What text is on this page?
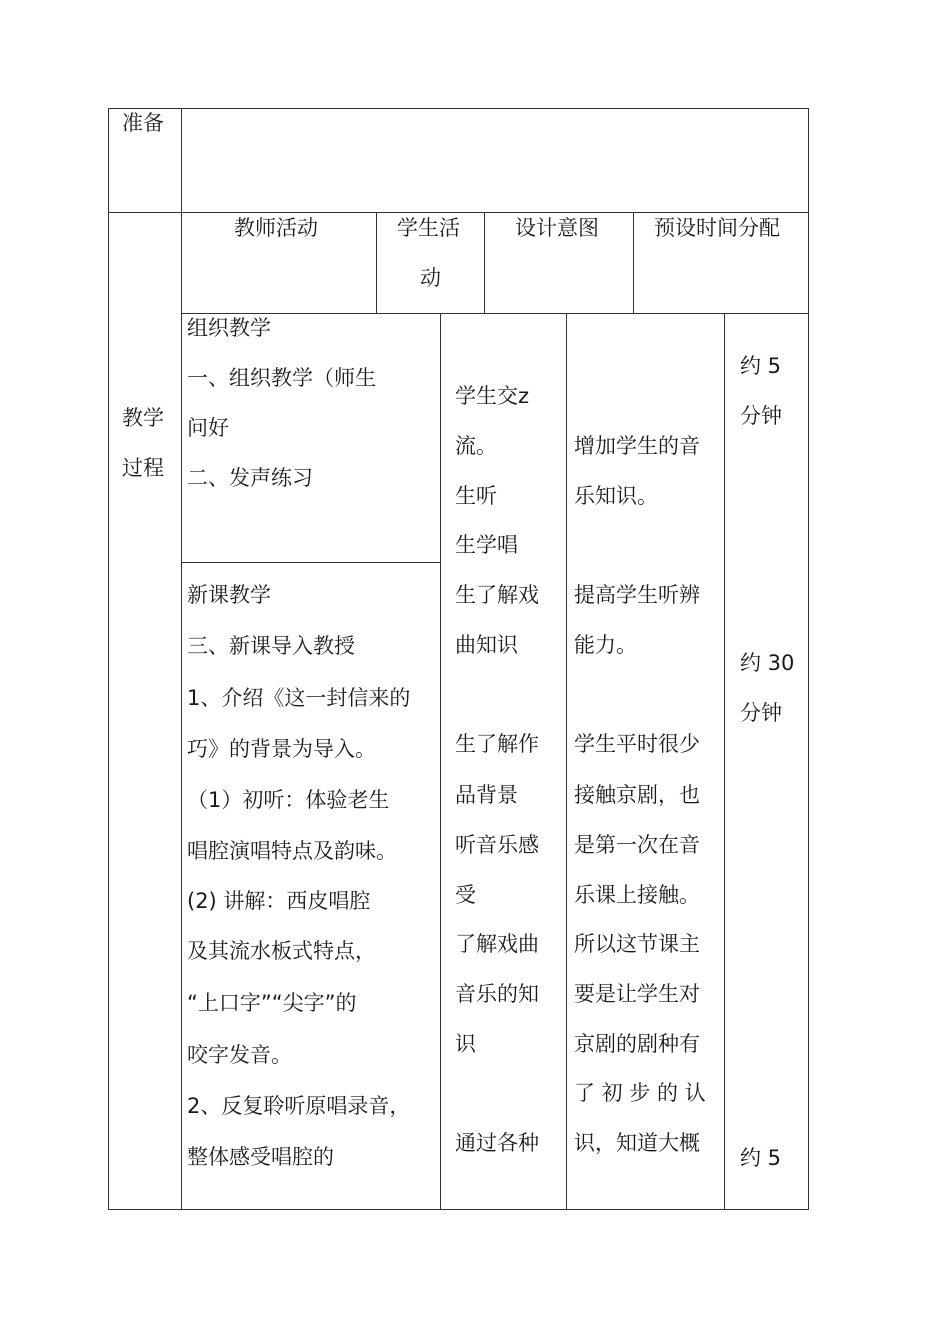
准备
教学
过程
教师活动	学生活
动
设计意图	预设时间分配
组织教学
一、组织教学（师生
问好
二、发声练习
新课教学
三、新课导入教授
1、介绍《这一封信来的
巧》的背景为导入。
（1）初听：体验老生
唱腔演唱特点及韵味。
(2) 讲解：西皮唱腔
及其流水板式特点，
“上口字”“尖字”的
咬字发音。
2、反复聆听原唱录音，
整体感受唱腔的
学生交z
流。
生听
生学唱
生了解戏
曲知识
生了解作
品背景
听音乐感
受
了解戏曲
音乐的知
识
通过各种
增加学生的音
乐知识。
提高学生听辨
能力。
学生平时很少
接触京剧，也
是第一次在音
乐课上接触。
所以这节课主
要是让学生对
京剧的剧种有
了 初 步 的 认
识，知道大概
约 5
分钟
约 30
分钟
约 5
